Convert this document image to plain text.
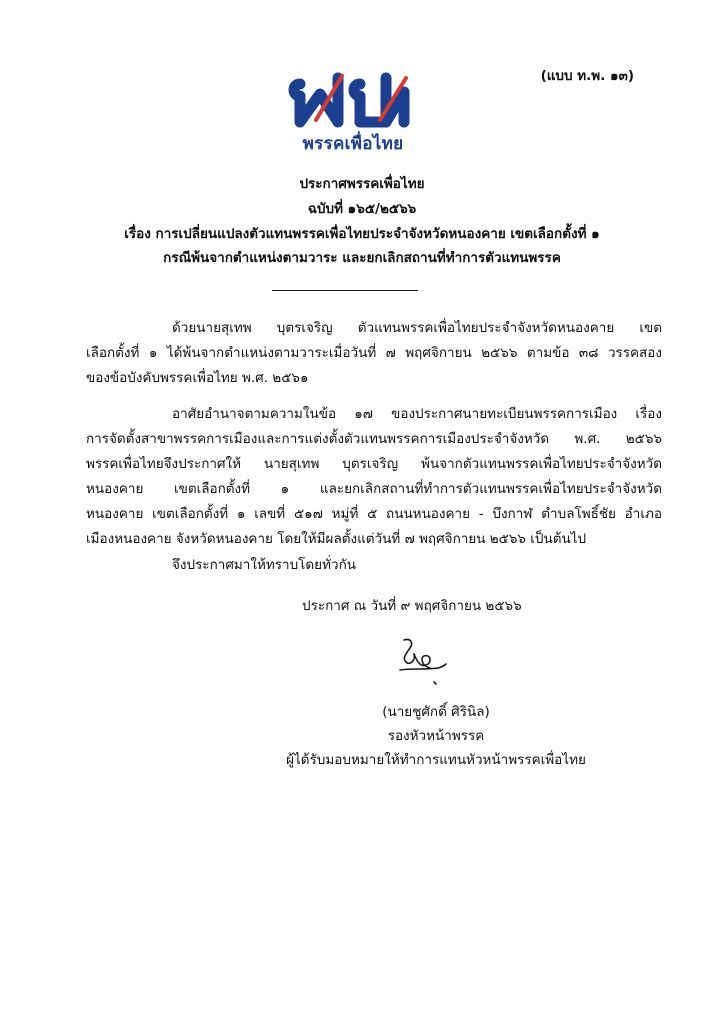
(แบบ ท.พ. ๑๓)
พรรคเพื่อไทย
ประกาศพรรคเพื่อไทย
ฉบับที่ ๑๖๕/๒๕๖๖
เรื่อง การเปลี่ยนแปลงตัวแทนพรรคเพื่อไทยประจำจังหวัดหนองคาย เขตเลือกตั้งที่ ๑
กรณีพ้นจากตำแหน่งตามวาระ และยกเลิกสถานที่ทำการตัวแทนพรรค
ด้วยนายสุเทพ บุตรเจริญ ตัวแทนพรรคเพื่อไทยประจำจังหวัดหนองคาย เขต
เลือกตั้งที่ ๑ ได้พ้นจากตำแหน่งตามวาระเมื่อวันที่ ๗ พฤศจิกายน ๒๕๖๖ ตามข้อ ๓๘ วรรคสอง
ของข้อบังคับพรรคเพื่อไทย พ.ศ. ๒๕๖๑
อาศัยอำนาจตามความในข้อ ๑๗ ของประกาศนายทะเบียนพรรคการเมือง เรื่อง
การจัดตั้งสาขาพรรคการเมืองและการแต่งตั้งตัวแทนพรรคการเมืองประจำจังหวัด พ.ศ. ๒๕๖๖
พรรคเพื่อไทยจึงประกาศให้ นายสุเทพ บุตรเจริญ พ้นจากตัวแทนพรรคเพื่อไทยประจำจังหวัด
หนองคาย เขตเลือกตั้งที่ ๑ และยกเลิกสถานที่ทำการตัวแทนพรรคเพื่อไทยประจำจังหวัด
หนองคาย เขตเลือกตั้งที่ ๑ เลขที่ ๕๑๗ หมู่ที่ ๕ ถนนหนองคาย - บึงกาฬ ตำบลโพธิ์ชัย อำเภอ
เมืองหนองคาย จังหวัดหนองคาย โดยให้มีผลตั้งแต่วันที่ ๗ พฤศจิกายน ๒๕๖๖ เป็นต้นไป
จึงประกาศมาให้ทราบโดยทั่วกัน
ประกาศ ณ วันที่ ๙ พฤศจิกายน ๒๕๖๖
(นายชูศักดิ์ ศิรินิล)
รองหัวหน้าพรรค
ผู้ได้รับมอบหมายให้ทำการแทนหัวหน้าพรรคเพื่อไทย
